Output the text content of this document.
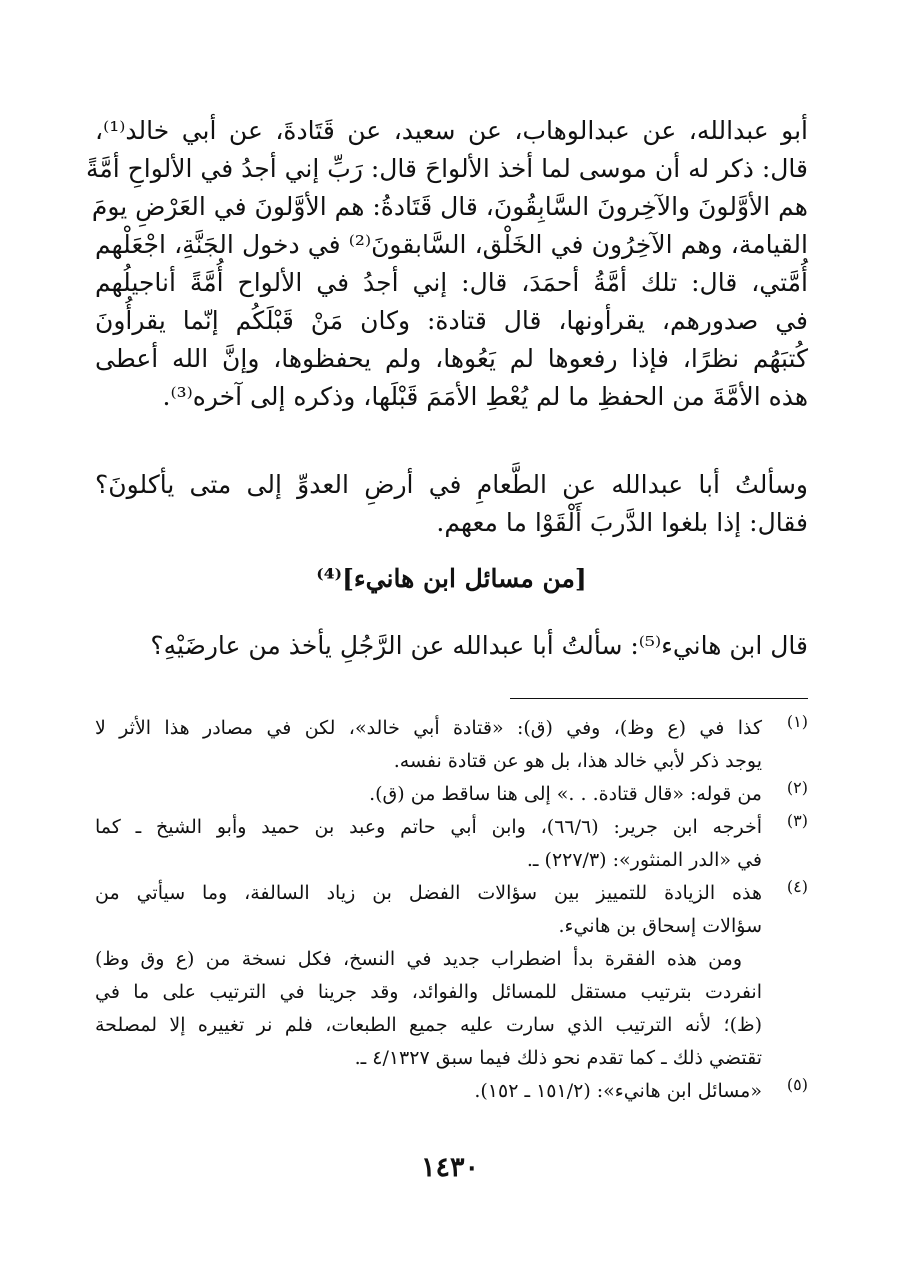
أبو عبدالله، عن عبدالوهاب، عن سعيد، عن قَتَادةَ، عن أبي خالد⁽¹⁾،
قال: ذكر له أن موسى لما أخذ الألواحَ قال: رَبِّ إني أجدُ في الألواحِ أمَّةً
هم الأوَّلونَ والآخِرونَ السَّابِقُونَ، قال قَتَادةُ: هم الأوَّلونَ في العَرْضِ يومَ
القيامة، وهم الآخِرُون في الخَلْق، السَّابقونَ⁽²⁾ في دخول الجَنَّةِ، اجْعَلْهم
أُمَّتي، قال: تلك أمَّةُ أحمَدَ، قال: إني أجدُ في الألواح أُمَّةً أناجيلُهم
في صدورهم، يقرأونها، قال قتادة: وكان مَنْ قَبْلَكُم إنّما يقرأُونَ
كُتبَهُم نظرًا، فإذا رفعوها لم يَعُوها، ولم يحفظوها، وإنَّ الله أعطى
هذه الأمَّةَ من الحفظِ ما لم يُعْطِ الأمَمَ قَبْلَها، وذكره إلى آخره⁽³⁾.
وسألتُ أبا عبدالله عن الطَّعامِ في أرضِ العدوِّ إلى متى يأكلونَ؟
فقال: إذا بلغوا الدَّربَ أَلْقَوْا ما معهم.
[من مسائل ابن هانيء]⁽⁴⁾
قال ابن هانيء⁽⁵⁾: سألتُ أبا عبدالله عن الرَّجُلِ يأخذ من عارضَيْهِ؟
(١)
كذا في (ع وظ)، وفي (ق): «قتادة أبي خالد»، لكن في مصادر هذا الأثر لا
يوجد ذكر لأبي خالد هذا، بل هو عن قتادة نفسه.
(٢)
من قوله: «قال قتادة. . .» إلى هنا ساقط من (ق).
(٣)
أخرجه ابن جرير: (٦٦/٦)، وابن أبي حاتم وعبد بن حميد وأبو الشيخ ـ كما
في «الدر المنثور»: (٢٢٧/٣) ـ.
(٤)
هذه الزيادة للتمييز بين سؤالات الفضل بن زياد السالفة، وما سيأتي من
سؤالات إسحاق بن هانيء.
ومن هذه الفقرة بدأ اضطراب جديد في النسخ، فكل نسخة من (ع وق وظ)
انفردت بترتيب مستقل للمسائل والفوائد، وقد جرينا في الترتيب على ما في
(ظ)؛ لأنه الترتيب الذي سارت عليه جميع الطبعات، فلم نر تغييره إلا لمصلحة
تقتضي ذلك ـ كما تقدم نحو ذلك فيما سبق ٤/١٣٢٧ ـ.
(٥)
«مسائل ابن هانيء»: (١٥١/٢ ـ ١٥٢).
١٤٣٠
